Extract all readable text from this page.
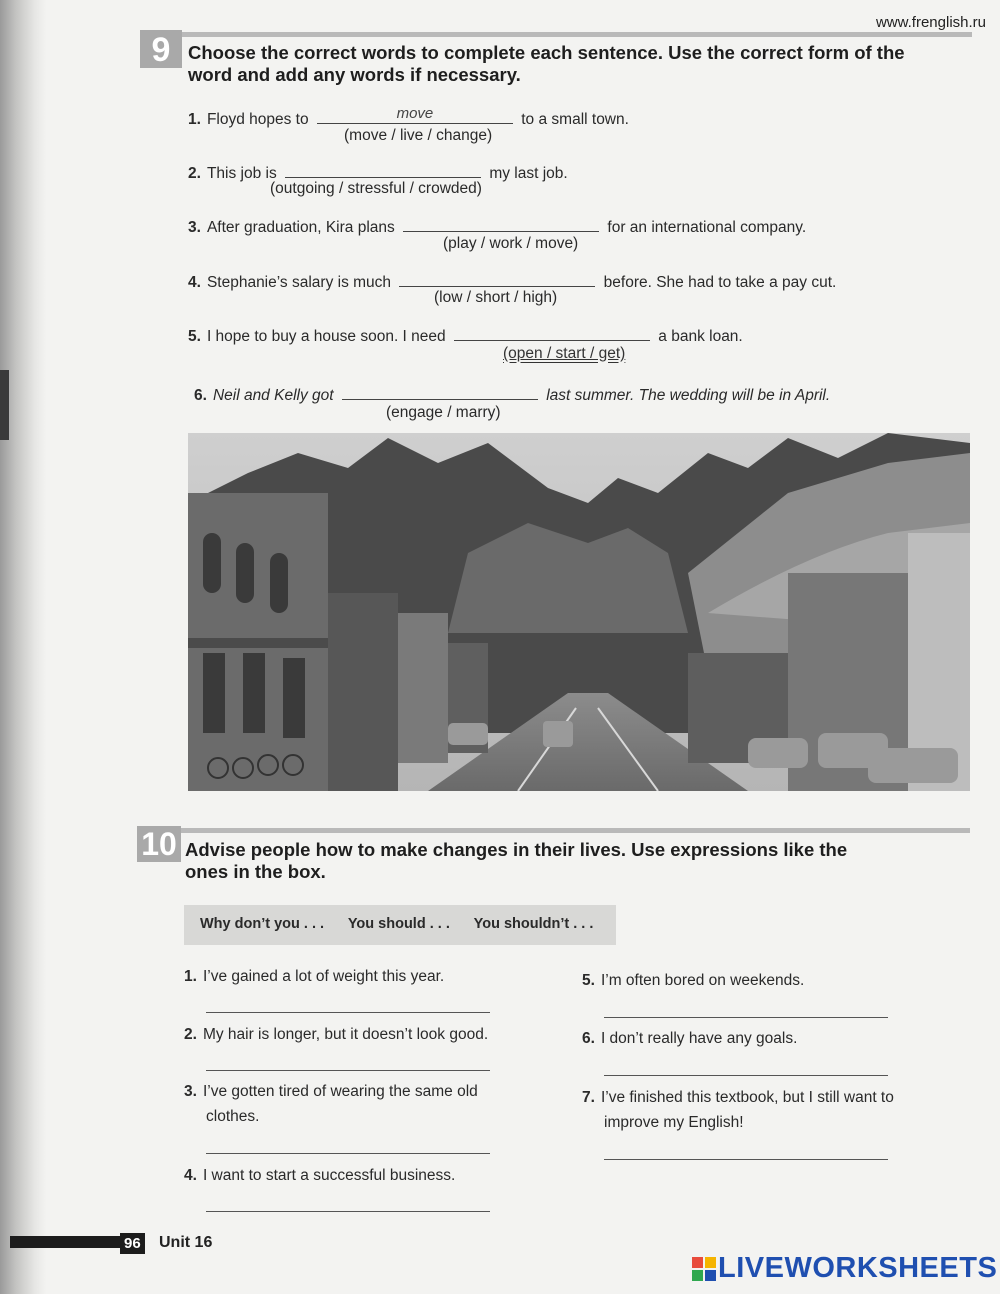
www.frenglish.ru
9 Choose the correct words to complete each sentence. Use the correct form of the
word and add any words if necessary.
1. Floyd hopes to	move	to a small town.
(move / live / change)
2. This job is	my last job.
(outgoing / stressful / crowded)
3. After graduation, Kira plans	for an international company.
(play / work / move)
4. Stephanie’s salary is much	before. She had to take a pay cut.
(low / short / high)
5. I hope to buy a house soon. I need	a bank loan.
(open / start / get)
6. Neil and Kelly got	last summer. The wedding will be in April.
(engage / marry)
10 Advise people how to make changes in their lives. Use expressions like the
ones in the box.
Why don’t you . . . You should . . . You shouldn’t . . .
1. I’ve gained a lot of weight this year.
2. My hair is longer, but it doesn’t look good.
3. I’ve gotten tired of wearing the same old
clothes.
4. I want to start a successful business.
5. I’m often bored on weekends.
6. I don’t really have any goals.
7. I’ve finished this textbook, but I still want to
improve my English!
96 Unit 16
LIVEWORKSHEETS
